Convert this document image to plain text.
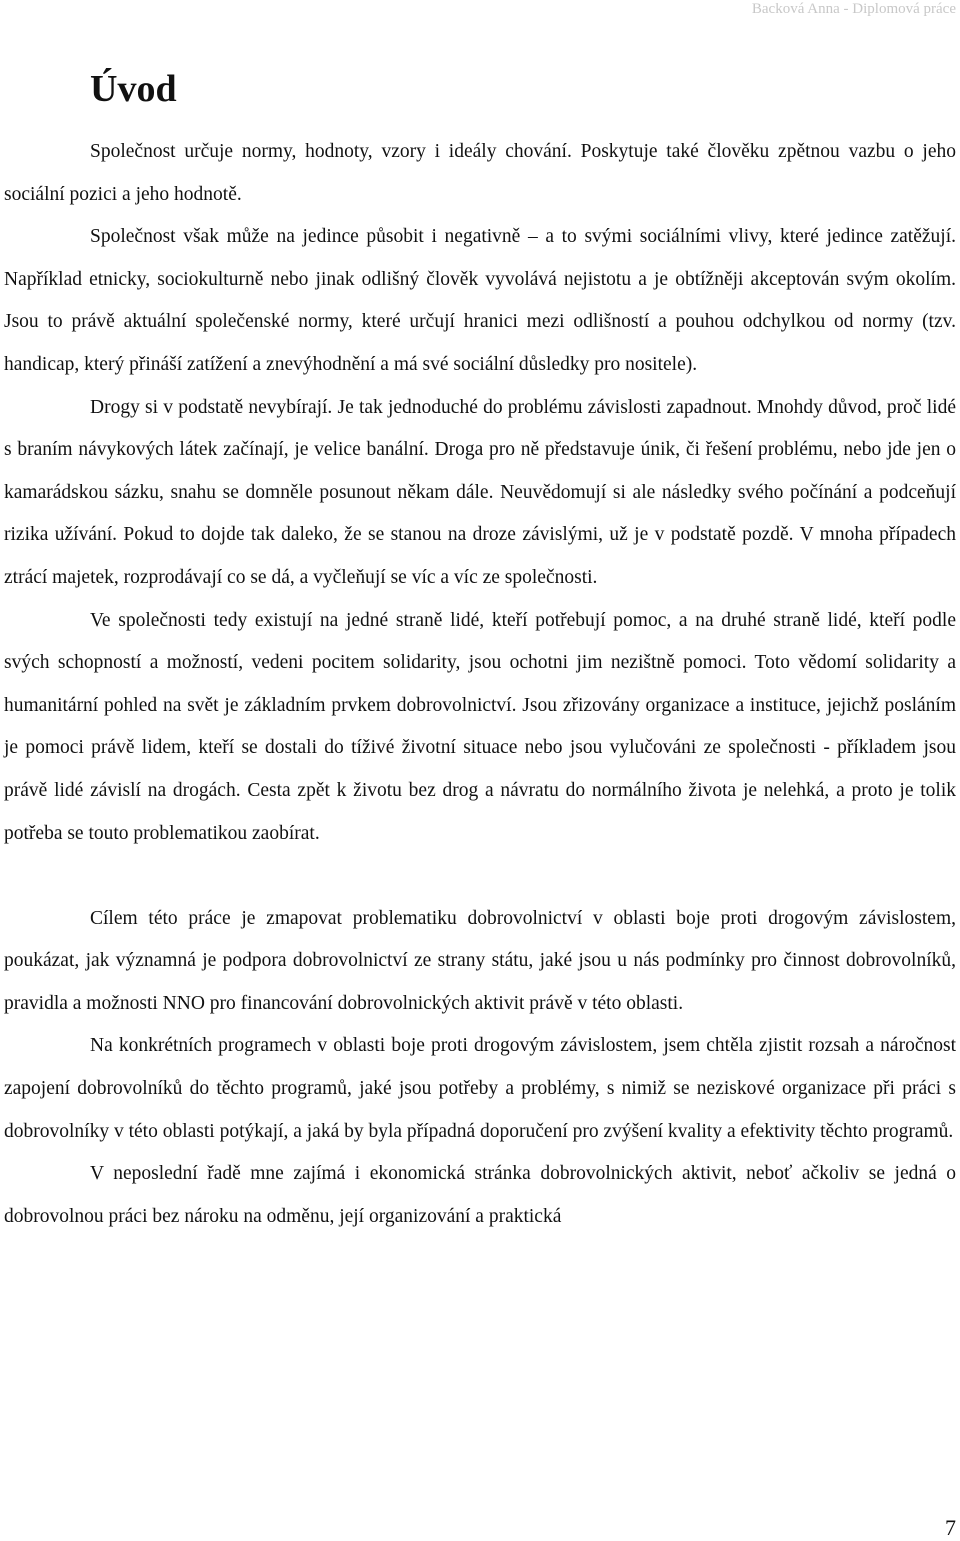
Backová Anna - Diplomová práce
Úvod

Společnost určuje normy, hodnoty, vzory i ideály chování. Poskytuje také člověku zpětnou vazbu o jeho sociální pozici a jeho hodnotě.

Společnost však může na jedince působit i negativně – a to svými sociálními vlivy, které jedince zatěžují. Například etnicky, sociokulturně nebo jinak odlišný člověk vyvolává nejistotu a je obtížněji akceptován svým okolím. Jsou to právě aktuální společenské normy, které určují hranici mezi odlišností a pouhou odchylkou od normy (tzv. handicap, který přináší zatížení a znevýhodnění a má své sociální důsledky pro nositele).

Drogy si v podstatě nevybírají. Je tak jednoduché do problému závislosti zapadnout. Mnohdy důvod, proč lidé s braním návykových látek začínají, je velice banální. Droga pro ně představuje únik, či řešení problému, nebo jde jen o kamarádskou sázku, snahu se domněle posunout někam dále. Neuvědomují si ale následky svého počínání a podceňují rizika užívání. Pokud to dojde tak daleko, že se stanou na droze závislými, už je v podstatě pozdě. V mnoha případech ztrácí majetek, rozprodávají co se dá, a vyčleňují se víc a víc ze společnosti.

Ve společnosti tedy existují na jedné straně lidé, kteří potřebují pomoc, a na druhé straně lidé, kteří podle svých schopností a možností, vedeni pocitem solidarity, jsou ochotni jim nezištně pomoci. Toto vědomí solidarity a humanitární pohled na svět je základním prvkem dobrovolnictví. Jsou zřizovány organizace a instituce, jejichž posláním je pomoci právě lidem, kteří se dostali do tíživé životní situace nebo jsou vylučováni ze společnosti - příkladem jsou právě lidé závislí na drogách. Cesta zpět k životu bez drog a návratu do normálního života je nelehká, a proto je tolik potřeba se touto problematikou zaobírat.

Cílem této práce je zmapovat problematiku dobrovolnictví v oblasti boje proti drogovým závislostem, poukázat, jak významná je podpora dobrovolnictví ze strany státu, jaké jsou u nás podmínky pro činnost dobrovolníků, pravidla a možnosti NNO pro financování dobrovolnických aktivit právě v této oblasti.

Na konkrétních programech v oblasti boje proti drogovým závislostem, jsem chtěla zjistit rozsah a náročnost zapojení dobrovolníků do těchto programů, jaké jsou potřeby a problémy, s nimiž se neziskové organizace při práci s dobrovolníky v této oblasti potýkají, a jaká by byla případná doporučení pro zvýšení kvality a efektivity těchto programů.

V neposlední řadě mne zajímá i ekonomická stránka dobrovolnických aktivit, neboť ačkoliv se jedná o dobrovolnou práci bez nároku na odměnu, její organizování a praktická

7
